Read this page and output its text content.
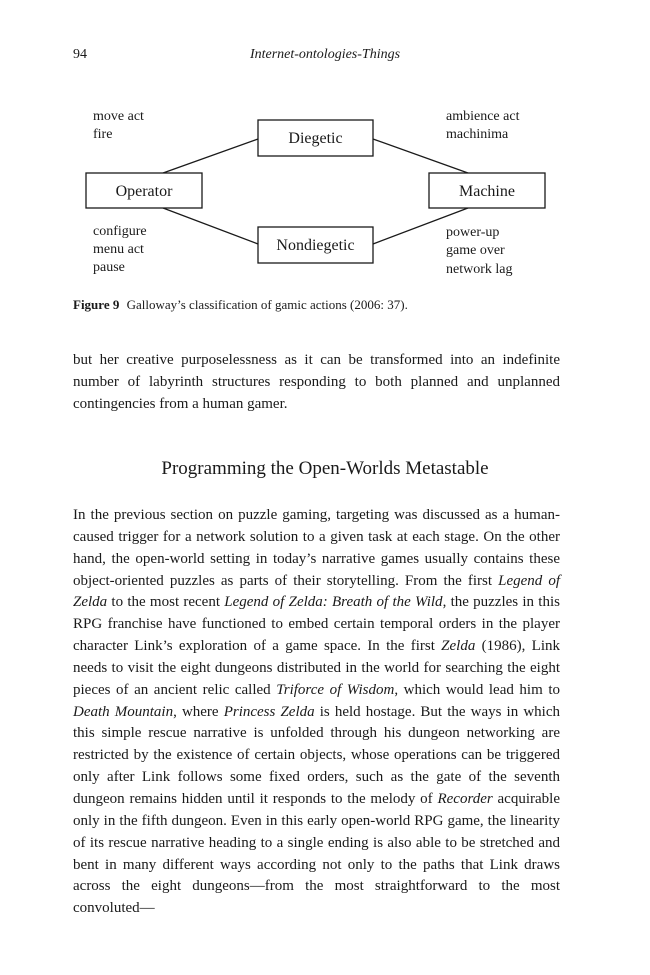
94	Internet-ontologies-Things
Diegetic
Operator	Machine
Nondiegetic
move act
fire
ambience act
machinima
configure
menu act
pause
power-up
game over
network lag
Figure 9 Galloway’s classification of gamic actions (2006: 37).

but her creative purposelessness as it can be transformed into an indefinite number of labyrinth structures responding to both planned and unplanned contingencies from a human gamer.

Programming the Open-Worlds Metastable

In the previous section on puzzle gaming, targeting was discussed as a human-caused trigger for a network solution to a given task at each stage. On the other hand, the open-world setting in today’s narrative games usually contains these object-oriented puzzles as parts of their storytelling. From the first Legend of Zelda to the most recent Legend of Zelda: Breath of the Wild, the puzzles in this RPG franchise have functioned to embed certain temporal orders in the player character Link’s exploration of a game space. In the first Zelda (1986), Link needs to visit the eight dungeons distributed in the world for searching the eight pieces of an ancient relic called Triforce of Wisdom, which would lead him to Death Mountain, where Princess Zelda is held hostage. But the ways in which this simple rescue narrative is unfolded through his dungeon networking are restricted by the existence of certain objects, whose operations can be triggered only after Link follows some fixed orders, such as the gate of the seventh dungeon remains hidden until it responds to the melody of Recorder acquirable only in the fifth dungeon. Even in this early open-world RPG game, the linearity of its rescue narrative heading to a single ending is also able to be stretched and bent in many different ways according not only to the paths that Link draws across the eight dungeons—from the most straightforward to the most convoluted—
